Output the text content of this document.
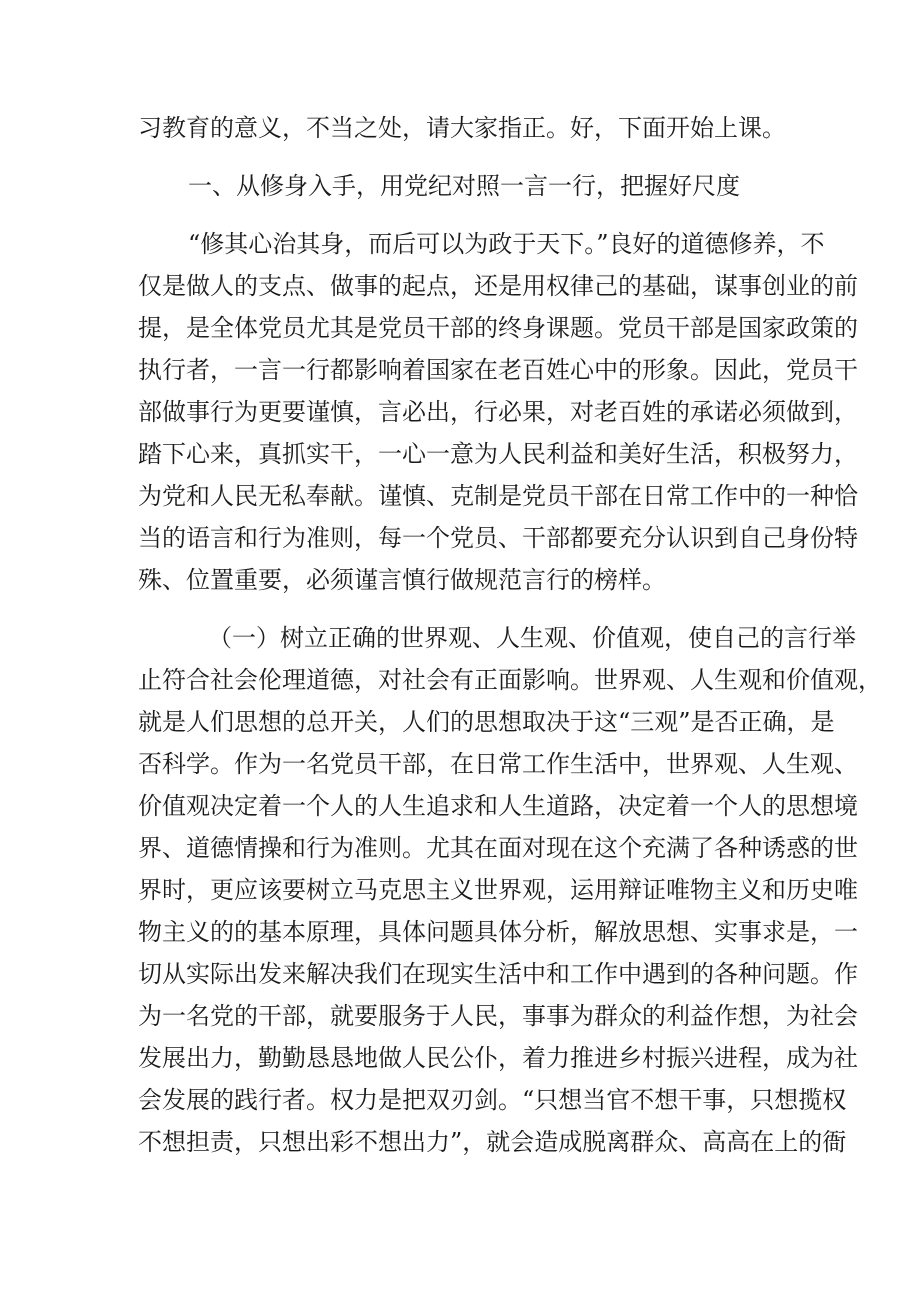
习教育的意义，不当之处，请大家指正。好，下面开始上课。
一、从修身入手，用党纪对照一言一行，把握好尺度
“修其心治其身，而后可以为政于天下。”良好的道德修养，不
仅是做人的支点、做事的起点，还是用权律己的基础，谋事创业的前
提，是全体党员尤其是党员干部的终身课题。党员干部是国家政策的
执行者，一言一行都影响着国家在老百姓心中的形象。因此，党员干
部做事行为更要谨慎，言必出，行必果，对老百姓的承诺必须做到，
踏下心来，真抓实干，一心一意为人民利益和美好生活，积极努力，
为党和人民无私奉献。谨慎、克制是党员干部在日常工作中的一种恰
当的语言和行为准则，每一个党员、干部都要充分认识到自己身份特
殊、位置重要，必须谨言慎行做规范言行的榜样。
（一）树立正确的世界观、人生观、价值观，使自己的言行举
止符合社会伦理道德，对社会有正面影响。世界观、人生观和价值观，
就是人们思想的总开关，人们的思想取决于这“三观”是否正确，是
否科学。作为一名党员干部，在日常工作生活中，世界观、人生观、
价值观决定着一个人的人生追求和人生道路，决定着一个人的思想境
界、道德情操和行为准则。尤其在面对现在这个充满了各种诱惑的世
界时，更应该要树立马克思主义世界观，运用辩证唯物主义和历史唯
物主义的的基本原理，具体问题具体分析，解放思想、实事求是，一
切从实际出发来解决我们在现实生活中和工作中遇到的各种问题。作
为一名党的干部，就要服务于人民，事事为群众的利益作想，为社会
发展出力，勤勤恳恳地做人民公仆，着力推进乡村振兴进程，成为社
会发展的践行者。权力是把双刃剑。“只想当官不想干事，只想揽权
不想担责，只想出彩不想出力”，就会造成脱离群众、高高在上的衙
